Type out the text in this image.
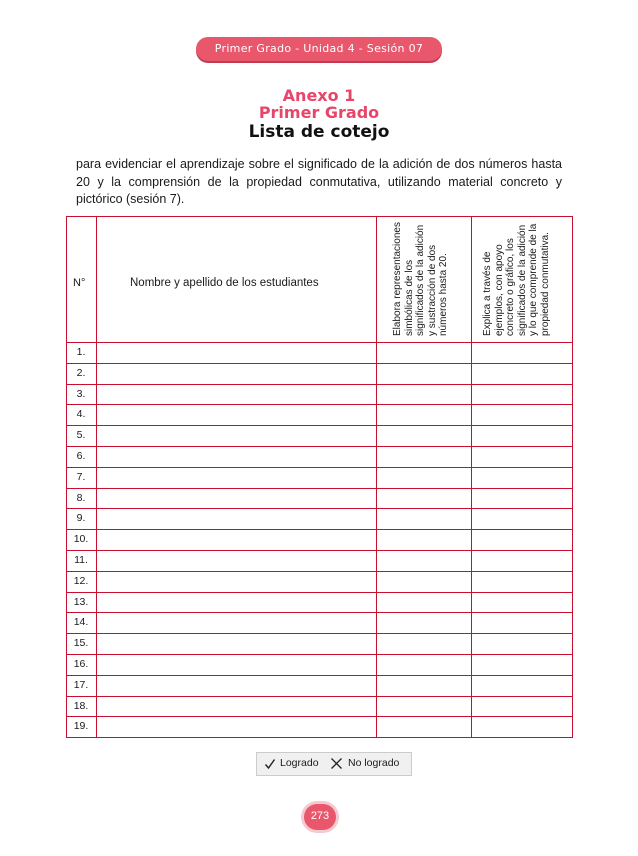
Primer Grado - Unidad 4 - Sesión 07
Anexo 1
Primer Grado
Lista de cotejo
para evidenciar el aprendizaje sobre el significado de la adición de dos números hasta 20 y la comprensión de la propiedad conmutativa, utilizando material concreto y pictórico (sesión 7).
N°	Nombre y apellido de los estudiantes	Elabora representaciones simbólicas de los significados de la adición y sustracción de dos números hasta 20.	Explica a través de ejemplos, con apoyo concreto o gráfico, los significados de la adición y lo que comprende de la propiedad conmutativa.
1.
2.
3.
4.
5.
6.
7.
8.
9.
10.
11.
12.
13.
14.
15.
16.
17.
18.
19.
Logrado	No logrado
273
